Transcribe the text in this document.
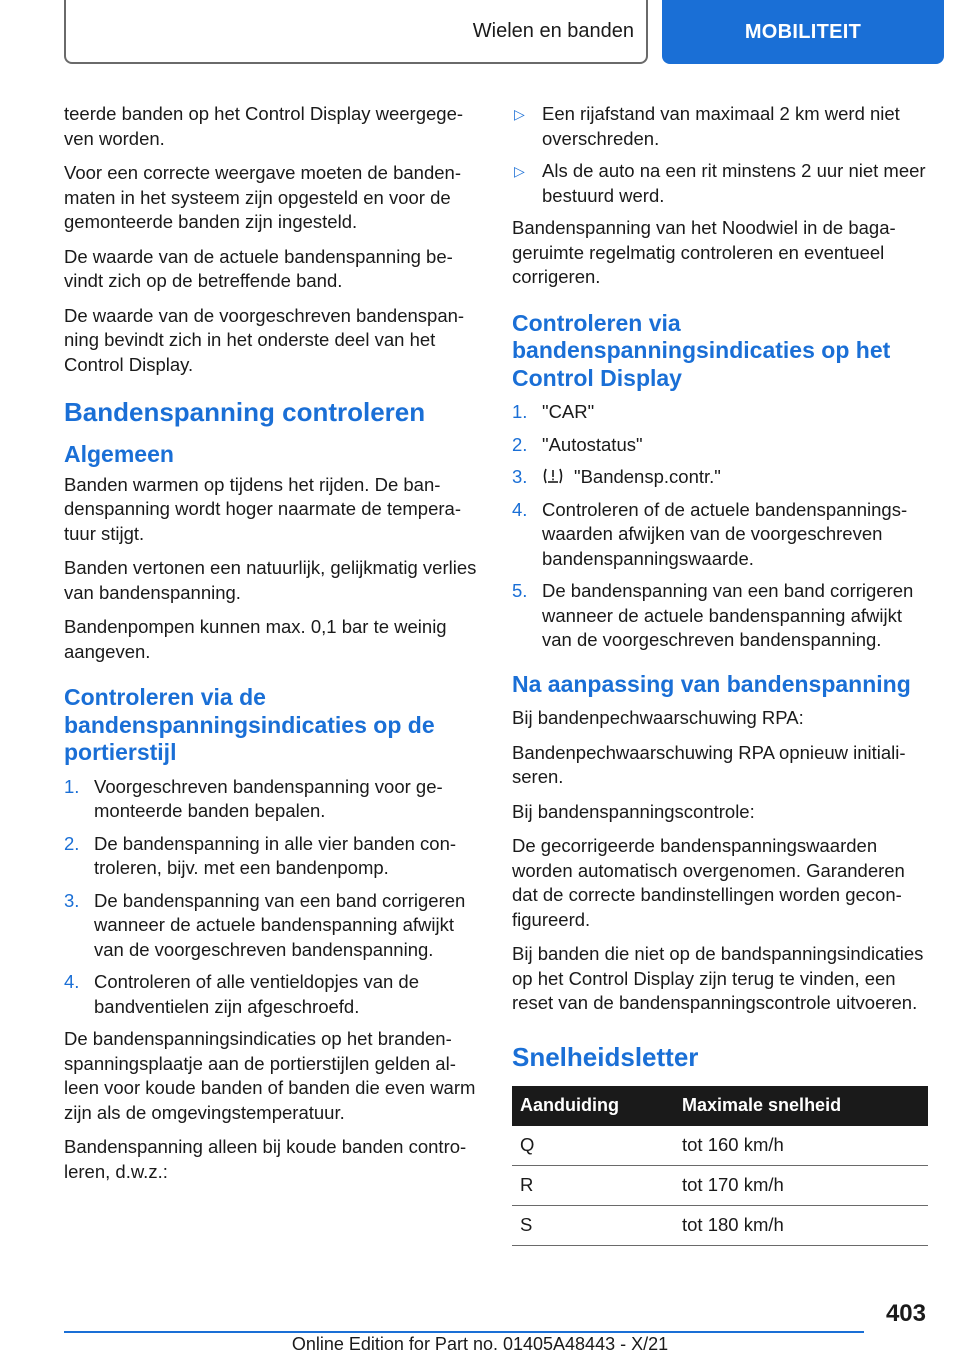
Wielen en banden	MOBILITEIT

teerde banden op het Control Display weergegeven worden.

Voor een correcte weergave moeten de bandenmaten in het systeem zijn opgesteld en voor de gemonteerde banden zijn ingesteld.

De waarde van de actuele bandenspanning bevindt zich op de betreffende band.

De waarde van de voorgeschreven bandenspanning bevindt zich in het onderste deel van het Control Display.

Bandenspanning controleren
Algemeen

Banden warmen op tijdens het rijden. De bandenspanning wordt hoger naarmate de temperatuur stijgt.

Banden vertonen een natuurlijk, gelijkmatig verlies van bandenspanning.

Bandenpompen kunnen max. 0,1 bar te weinig aangeven.

Controleren via de bandenspanningsindicaties op de portierstijl
1. Voorgeschreven bandenspanning voor gemonteerde banden bepalen.
2. De bandenspanning in alle vier banden controleren, bijv. met een bandenpomp.
3. De bandenspanning van een band corrigeren wanneer de actuele bandenspanning afwijkt van de voorgeschreven bandenspanning.
4. Controleren of alle ventieldopjes van de bandventielen zijn afgeschroefd.

De bandenspanningsindicaties op het brandenspanningsplaatje aan de portierstijlen gelden alleen voor koude banden of banden die even warm zijn als de omgevingstemperatuur.

Bandenspanning alleen bij koude banden controleren, d.w.z.:

▷ Een rijafstand van maximaal 2 km werd niet overschreden.
▷ Als de auto na een rit minstens 2 uur niet meer bestuurd werd.

Bandenspanning van het Noodwiel in de bagageruimte regelmatig controleren en eventueel corrigeren.

Controleren via bandenspanningsindicaties op het Control Display
1. "CAR"
2. "Autostatus"
3.	"Bandensp.contr."
4. Controleren of de actuele bandenspanningswaarden afwijken van de voorgeschreven bandenspanningswaarde.
5. De bandenspanning van een band corrigeren wanneer de actuele bandenspanning afwijkt van de voorgeschreven bandenspanning.
Na aanpassing van bandenspanning

Bij bandenpechwaarschuwing RPA:

Bandenpechwaarschuwing RPA opnieuw initialiseren.

Bij bandenspanningscontrole:

De gecorrigeerde bandenspanningswaarden worden automatisch overgenomen. Garanderen dat de correcte bandinstellingen worden geconfigureerd.

Bij banden die niet op de bandspanningsindicaties op het Control Display zijn terug te vinden, een reset van de bandenspanningscontrole uitvoeren.

Snelheidsletter
Aanduiding	Maximale snelheid
Q	tot 160 km/h
R	tot 170 km/h
S	tot 180 km/h
403
Online Edition for Part no. 01405A48443 - X/21
